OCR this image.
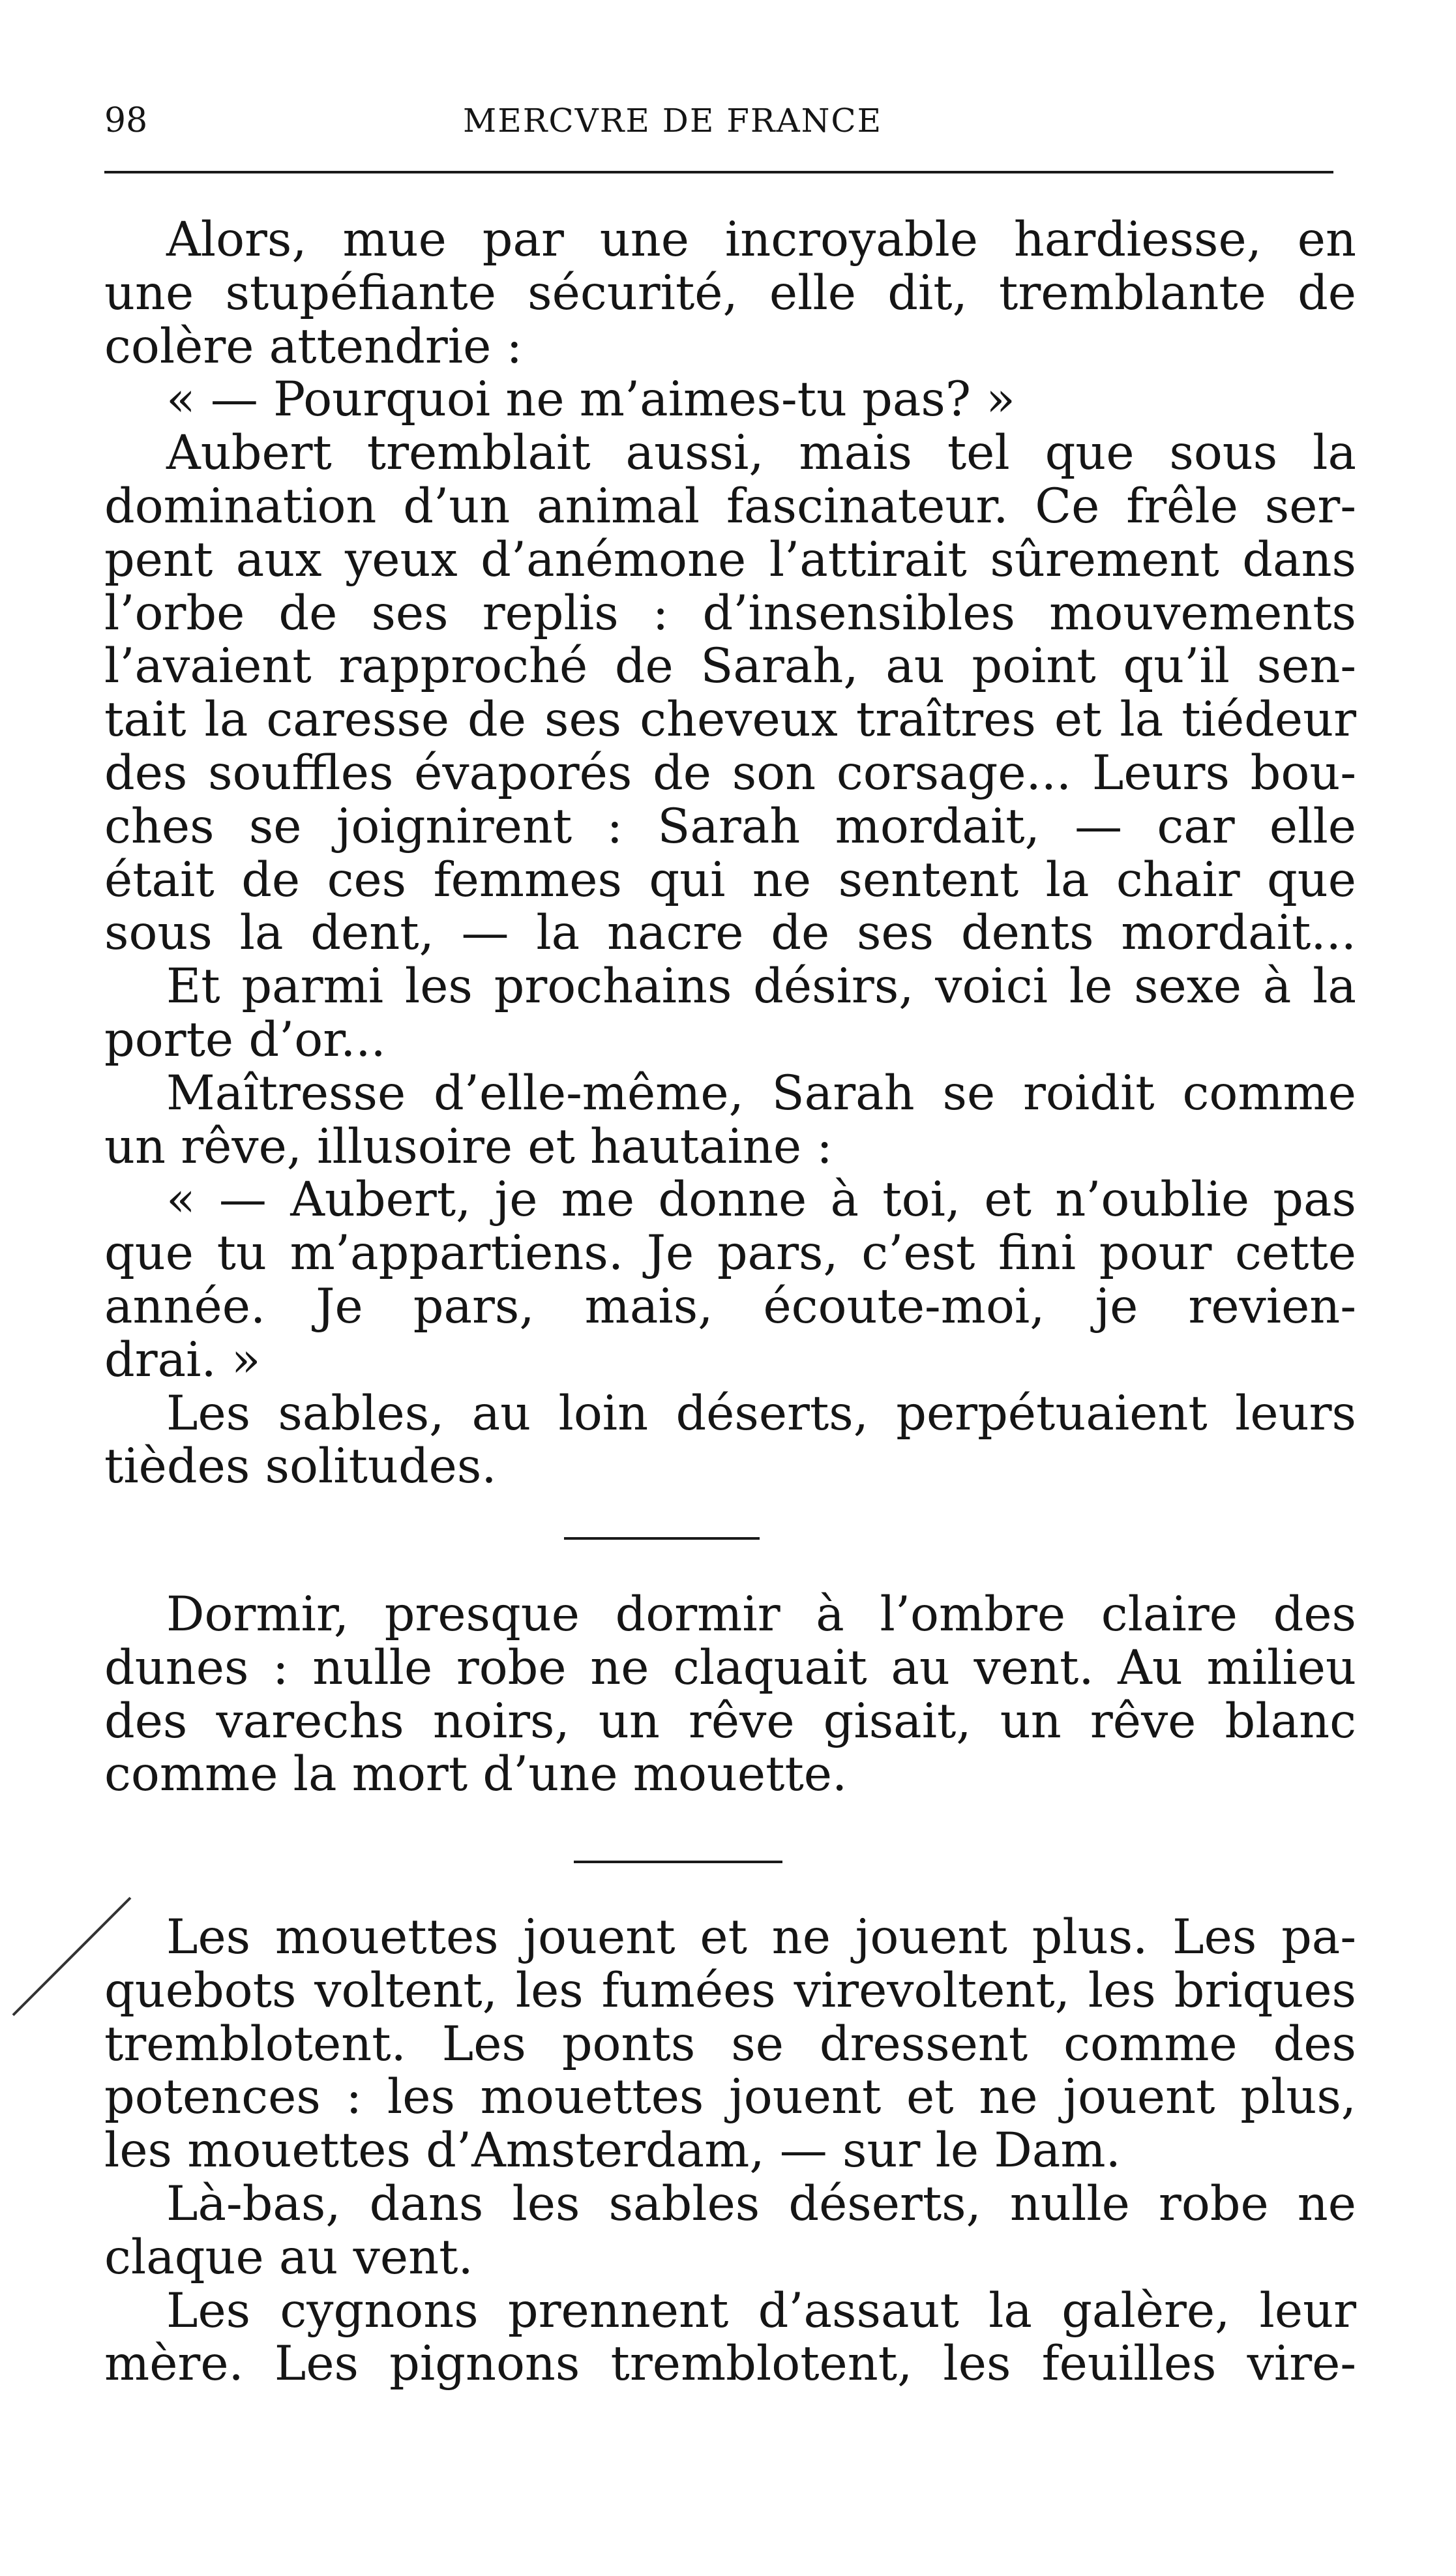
98	MERCVRE DE FRANCE
Alors, mue par une incroyable hardiesse, en
une stupéfiante sécurité, elle dit, tremblante de
colère attendrie :
« — Pourquoi ne m’aimes-tu pas? »
Aubert tremblait aussi, mais tel que sous la
domination d’un animal fascinateur. Ce frêle ser-
pent aux yeux d’anémone l’attirait sûrement dans
l’orbe de ses replis : d’insensibles mouvements
l’avaient rapproché de Sarah, au point qu’il sen-
tait la caresse de ses cheveux traîtres et la tiédeur
des souffles évaporés de son corsage... Leurs bou-
ches se joignirent : Sarah mordait, — car elle
était de ces femmes qui ne sentent la chair que
sous la dent, — la nacre de ses dents mordait...
Et parmi les prochains désirs, voici le sexe à la
porte d’or...
Maîtresse d’elle-même, Sarah se roidit comme
un rêve, illusoire et hautaine :
« — Aubert, je me donne à toi, et n’oublie pas
que tu m’appartiens. Je pars, c’est fini pour cette
année. Je pars, mais, écoute-moi, je revien-
drai. »
Les sables, au loin déserts, perpétuaient leurs
tièdes solitudes.
Dormir, presque dormir à l’ombre claire des
dunes : nulle robe ne claquait au vent. Au milieu
des varechs noirs, un rêve gisait, un rêve blanc
comme la mort d’une mouette.
Les mouettes jouent et ne jouent plus. Les pa-
quebots voltent, les fumées virevoltent, les briques
tremblotent. Les ponts se dressent comme des
potences : les mouettes jouent et ne jouent plus,
les mouettes d’Amsterdam, — sur le Dam.
Là-bas, dans les sables déserts, nulle robe ne
claque au vent.
Les cygnons prennent d’assaut la galère, leur
mère. Les pignons tremblotent, les feuilles vire-
